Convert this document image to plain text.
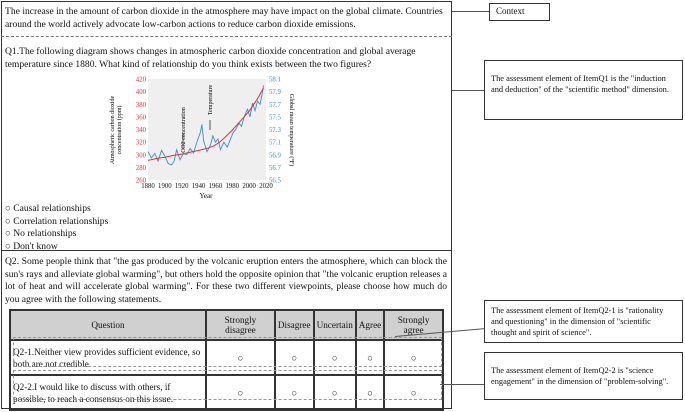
The increase in the amount of carbon dioxide in the atmosphere may have impact on the global climate. Countries around the world actively advocate low-carbon actions to reduce carbon dioxide emissions.
Q1.The following diagram shows changes in atmospheric carbon dioxide concentration and global average temperature since 1880. What kind of relationship do you think exists between the two figures?
1880 1900 1920 1940 1960 1980 2000 2020
260
280
300
320
340
360
380
400
420
56.5
56.7
56.9
57.1
57.3
57.5
57.7
57.9
58.1
Year
Atmospheric carbon dioxideconcentration (ppm)	Global mean temperature (°F)
CO2 concentration
Temperature
○ Causal relationships
○ Correlation relationships
○ No relationships
○ Don't know
Q2. Some people think that "the gas produced by the volcanic eruption enters the atmosphere, which can block the sun's rays and alleviate global warming", but others hold the opposite opinion that "the volcanic eruption releases a lot of heat and will accelerate global warming". For these two different viewpoints, please choose how much do you agree with the following statements.
Question	Strongly disagree	Disagree	Uncertain	Agree	Strongly agree
Q2-1.Neither view provides sufficient evidence, so both are not credible.	○	○	○	○	○
Q2-2.I would like to discuss with others, if possible, to reach a consensus on this issue.	○	○	○	○	○
Context
The assessment element of ItemQ1 is the "induction and deduction" of the "scientific method" dimension.
The assessment element of ItemQ2-1 is "rationality and questioning" in the dimension of "scientific thought and spirit of science".
The assessment element of ItemQ2-2 is "science engagement" in the dimension of "problem-solving".
